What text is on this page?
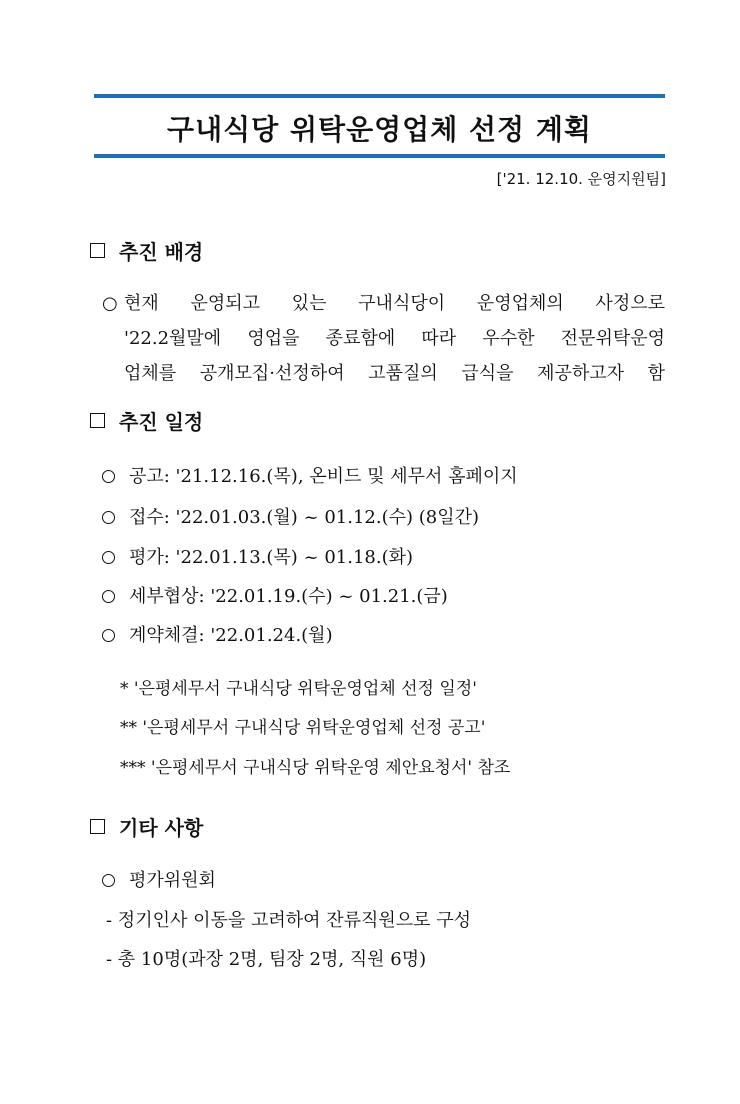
구내식당 위탁운영업체 선정 계획
['21. 12.10. 운영지원팀]
추진 배경
○ 현재 운영되고 있는 구내식당이 운영업체의 사정으로
'22.2월말에 영업을 종료함에 따라 우수한 전문위탁운영
업체를 공개모집·선정하여 고품질의 급식을 제공하고자 함
추진 일정
공고: '21.12.16.(목), 온비드 및 세무서 홈페이지
접수: '22.01.03.(월) ~ 01.12.(수) (8일간)
평가: '22.01.13.(목) ~ 01.18.(화)
세부협상: '22.01.19.(수) ~ 01.21.(금)
계약체결: '22.01.24.(월)
* '은평세무서 구내식당 위탁운영업체 선정 일정'
** '은평세무서 구내식당 위탁운영업체 선정 공고'
*** '은평세무서 구내식당 위탁운영 제안요청서' 참조
기타 사항
평가위원회
- 정기인사 이동을 고려하여 잔류직원으로 구성
- 총 10명(과장 2명, 팀장 2명, 직원 6명)
